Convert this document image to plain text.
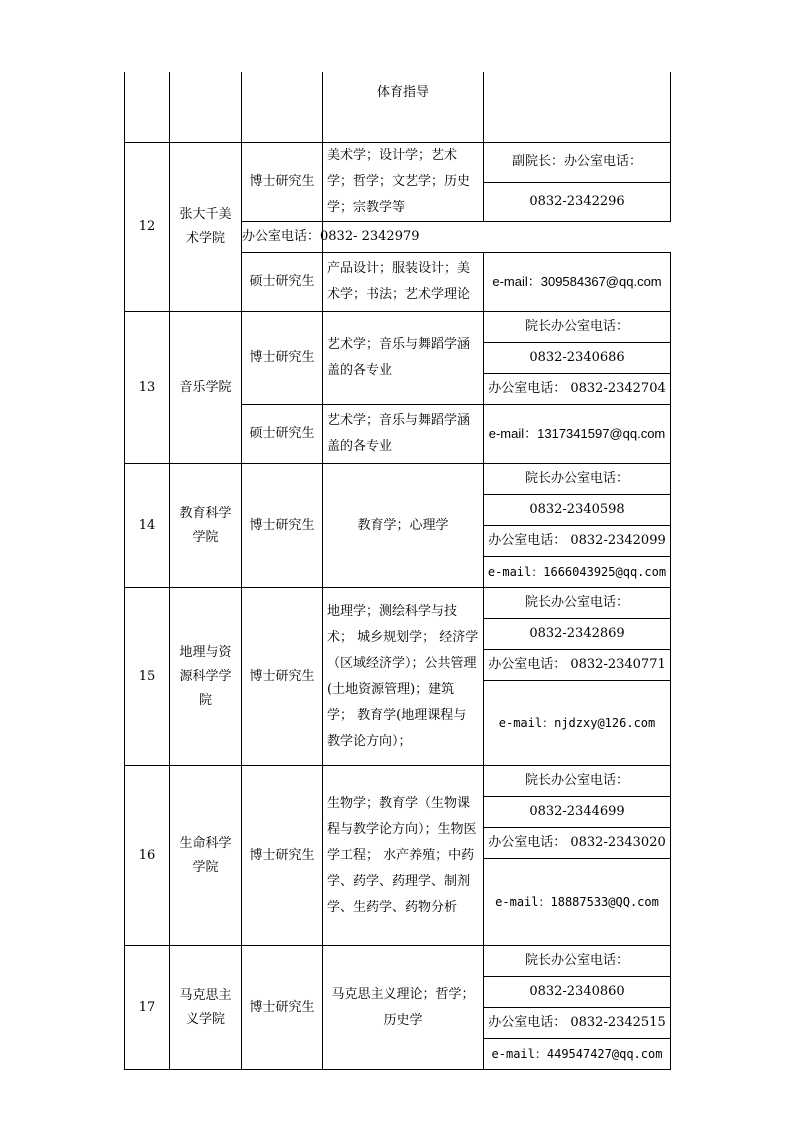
			体育指导	
12	张大千美术学院	博士研究生	美术学；设计学；艺术学；哲学；文艺学；历史学；宗教学等	副院长：办公室电话：
				0832-2342296
		办公室电话：0832- 2342979		
		硕士研究生	产品设计；服装设计；美术学；书法；艺术学理论	e-mail：309584367@qq.com
13	音乐学院	博士研究生	艺术学；音乐与舞蹈学涵盖的各专业	院长办公室电话：
				0832-2340686
				办公室电话： 0832-2342704
		硕士研究生	艺术学；音乐与舞蹈学涵盖的各专业	e-mail：1317341597@qq.com
14	教育科学学院	博士研究生	教育学；心理学	院长办公室电话：
				0832-2340598
				办公室电话： 0832-2342099
				e-mail：1666043925@qq.com
15	地理与资源科学学院	博士研究生	地理学；测绘科学与技术； 城乡规划学； 经济学（区域经济学）；公共管理(土地资源管理)；建筑学； 教育学(地理课程与教学论方向）；	院长办公室电话：
				0832-2342869
				办公室电话： 0832-2340771
				e-mail：njdzxy@126.com
16	生命科学学院	博士研究生	生物学；教育学（生物课程与教学论方向）；生物医学工程； 水产养殖；中药学、药学、药理学、制剂学、生药学、药物分析	院长办公室电话：
				0832-2344699
				办公室电话： 0832-2343020
				e-mail：18887533@QQ.com
17	马克思主义学院	博士研究生	马克思主义理论；哲学；历史学	院长办公室电话：
				0832-2340860
				办公室电话： 0832-2342515
				e-mail：449547427@qq.com
